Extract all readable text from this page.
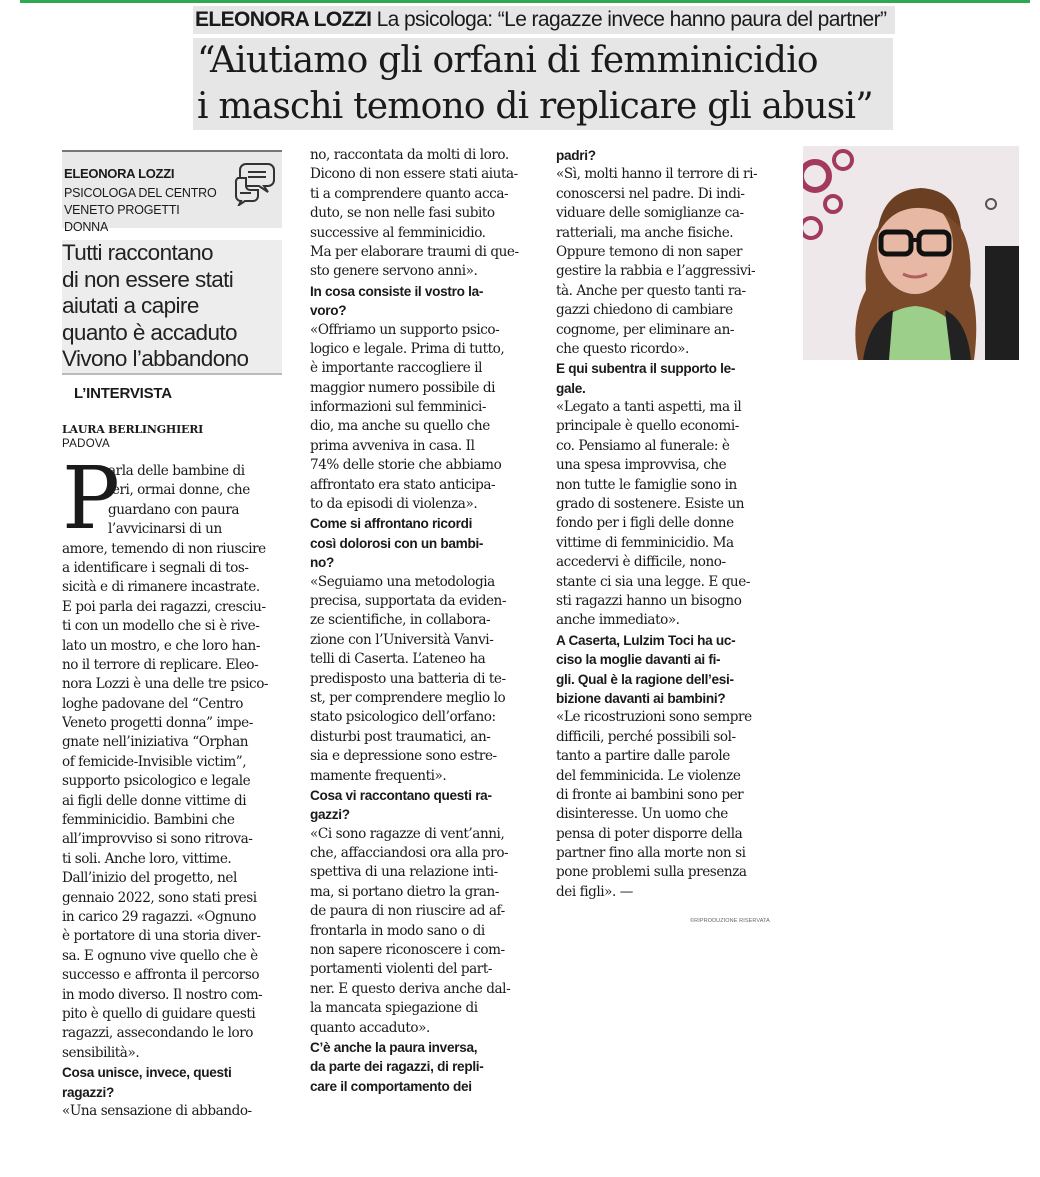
ELEONORA LOZZI La psicologa: “Le ragazze invece hanno paura del partner”
“Aiutiamo gli orfani di femminicidio
i maschi temono di replicare gli abusi”
ELEONORA LOZZI
PSICOLOGA DEL CENTRO
VENETO PROGETTI DONNA
Tutti raccontano
di non essere stati
aiutati a capire
quanto è accaduto
Vivono l’abbandono
L’INTERVISTA
LAURA BERLINGHIERI
PADOVA
P
arla delle bambine di
ieri, ormai donne, che
guardano con paura
l’avvicinarsi di un
amore, temendo di non riuscire
a identificare i segnali di tos-
sicità e di rimanere incastrate.
E poi parla dei ragazzi, cresciu-
ti con un modello che si è rive-
lato un mostro, e che loro han-
no il terrore di replicare. Eleo-
nora Lozzi è una delle tre psico-
loghe padovane del “Centro
Veneto progetti donna” impe-
gnate nell’iniziativa “Orphan
of femicide-Invisible victim”,
supporto psicologico e legale
ai figli delle donne vittime di
femminicidio. Bambini che
all’improvviso si sono ritrova-
ti soli. Anche loro, vittime.
Dall’inizio del progetto, nel
gennaio 2022, sono stati presi
in carico 29 ragazzi. «Ognuno
è portatore di una storia diver-
sa. E ognuno vive quello che è
successo e affronta il percorso
in modo diverso. Il nostro com-
pito è quello di guidare questi
ragazzi, assecondando le loro
sensibilità».
Cosa unisce, invece, questi
ragazzi?
«Una sensazione di abbando-
no, raccontata da molti di loro.
Dicono di non essere stati aiuta-
ti a comprendere quanto acca-
duto, se non nelle fasi subito
successive al femminicidio.
Ma per elaborare traumi di que-
sto genere servono anni».
In cosa consiste il vostro la-
voro?
«Offriamo un supporto psico-
logico e legale. Prima di tutto,
è importante raccogliere il
maggior numero possibile di
informazioni sul femminici-
dio, ma anche su quello che
prima avveniva in casa. Il
74% delle storie che abbiamo
affrontato era stato anticipa-
to da episodi di violenza».
Come si affrontano ricordi
così dolorosi con un bambi-
no?
«Seguiamo una metodologia
precisa, supportata da eviden-
ze scientifiche, in collabora-
zione con l’Università Vanvi-
telli di Caserta. L’ateneo ha
predisposto una batteria di te-
st, per comprendere meglio lo
stato psicologico dell’orfano:
disturbi post traumatici, an-
sia e depressione sono estre-
mamente frequenti».
Cosa vi raccontano questi ra-
gazzi?
«Ci sono ragazze di vent’anni,
che, affacciandosi ora alla pro-
spettiva di una relazione inti-
ma, si portano dietro la gran-
de paura di non riuscire ad af-
frontarla in modo sano o di
non sapere riconoscere i com-
portamenti violenti del part-
ner. E questo deriva anche dal-
la mancata spiegazione di
quanto accaduto».
C’è anche la paura inversa,
da parte dei ragazzi, di repli-
care il comportamento dei
padri?
«Sì, molti hanno il terrore di ri-
conoscersi nel padre. Di indi-
viduare delle somiglianze ca-
ratteriali, ma anche fisiche.
Oppure temono di non saper
gestire la rabbia e l’aggressivi-
tà. Anche per questo tanti ra-
gazzi chiedono di cambiare
cognome, per eliminare an-
che questo ricordo».
E qui subentra il supporto le-
gale.
«Legato a tanti aspetti, ma il
principale è quello economi-
co. Pensiamo al funerale: è
una spesa improvvisa, che
non tutte le famiglie sono in
grado di sostenere. Esiste un
fondo per i figli delle donne
vittime di femminicidio. Ma
accedervi è difficile, nono-
stante ci sia una legge. E que-
sti ragazzi hanno un bisogno
anche immediato».
A Caserta, Lulzim Toci ha uc-
ciso la moglie davanti ai fi-
gli. Qual è la ragione dell’esi-
bizione davanti ai bambini?
«Le ricostruzioni sono sempre
difficili, perché possibili sol-
tanto a partire dalle parole
del femminicida. Le violenze
di fronte ai bambini sono per
disinteresse. Un uomo che
pensa di poter disporre della
partner fino alla morte non si
pone problemi sulla presenza
dei figli». —
©RIPRODUZIONE RISERVATA
